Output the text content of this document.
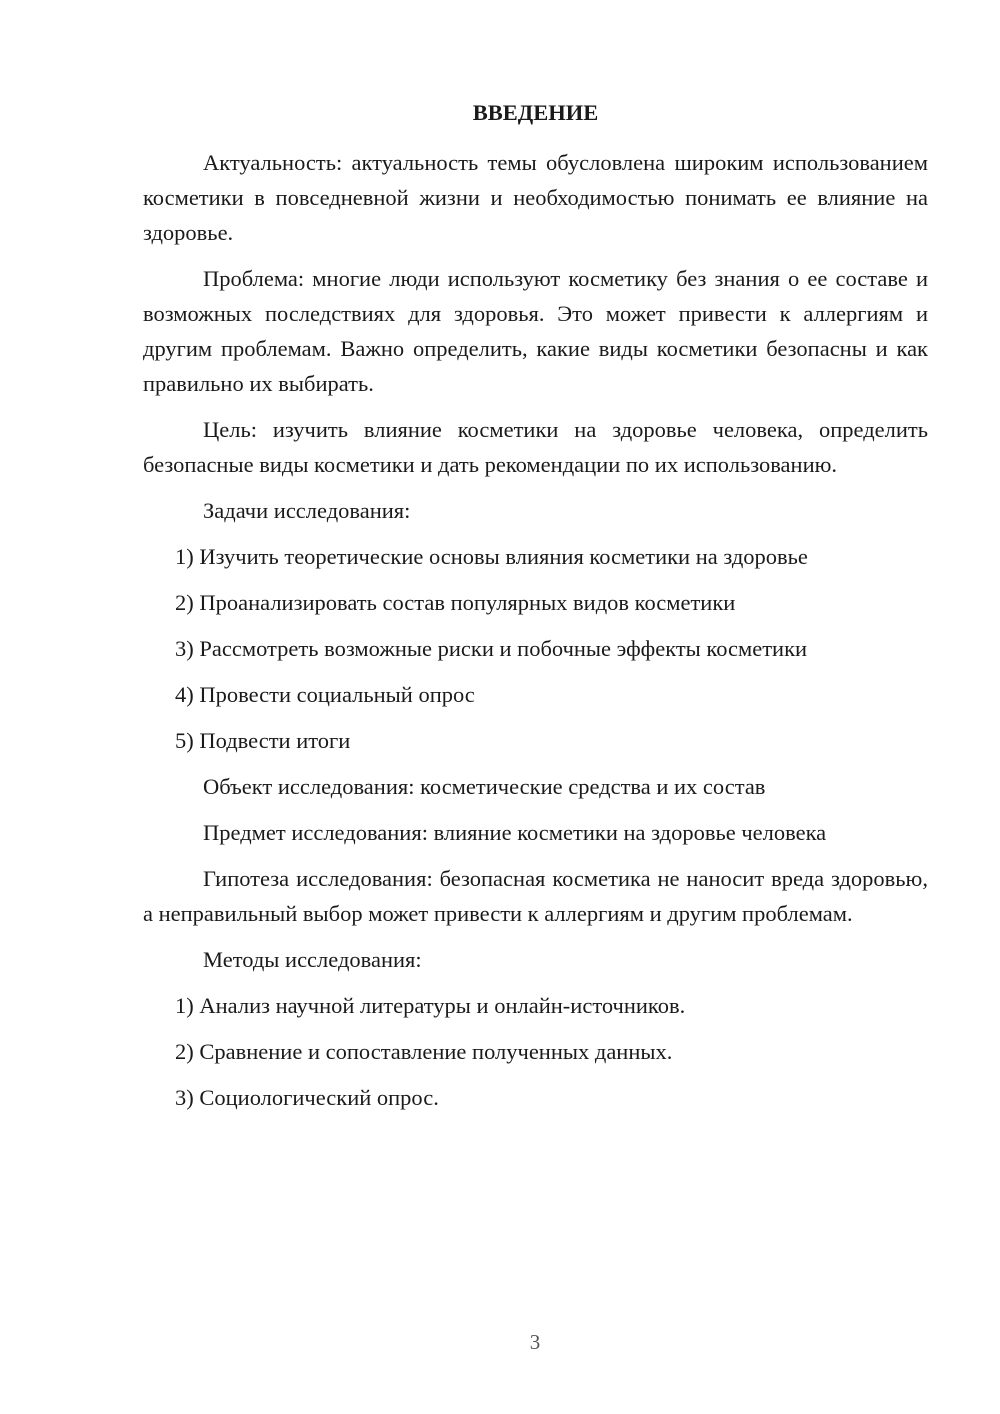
ВВЕДЕНИЕ

Актуальность: актуальность темы обусловлена широким использованием косметики в повседневной жизни и необходимостью понимать ее влияние на здоровье.

Проблема: многие люди используют косметику без знания о ее составе и возможных последствиях для здоровья. Это может привести к аллергиям и другим проблемам. Важно определить, какие виды косметики безопасны и как правильно их выбирать.

Цель: изучить влияние косметики на здоровье человека, определить безопасные виды косметики и дать рекомендации по их использованию.

Задачи исследования:

1) Изучить теоретические основы влияния косметики на здоровье

2) Проанализировать состав популярных видов косметики

3) Рассмотреть возможные риски и побочные эффекты косметики

4) Провести социальный опрос

5) Подвести итоги

Объект исследования: косметические средства и их состав

Предмет исследования: влияние косметики на здоровье человека

Гипотеза исследования: безопасная косметика не наносит вреда здоровью, а неправильный выбор может привести к аллергиям и другим проблемам.

Методы исследования:

1) Анализ научной литературы и онлайн-источников.

2) Сравнение и сопоставление полученных данных.

3) Социологический опрос.

3
